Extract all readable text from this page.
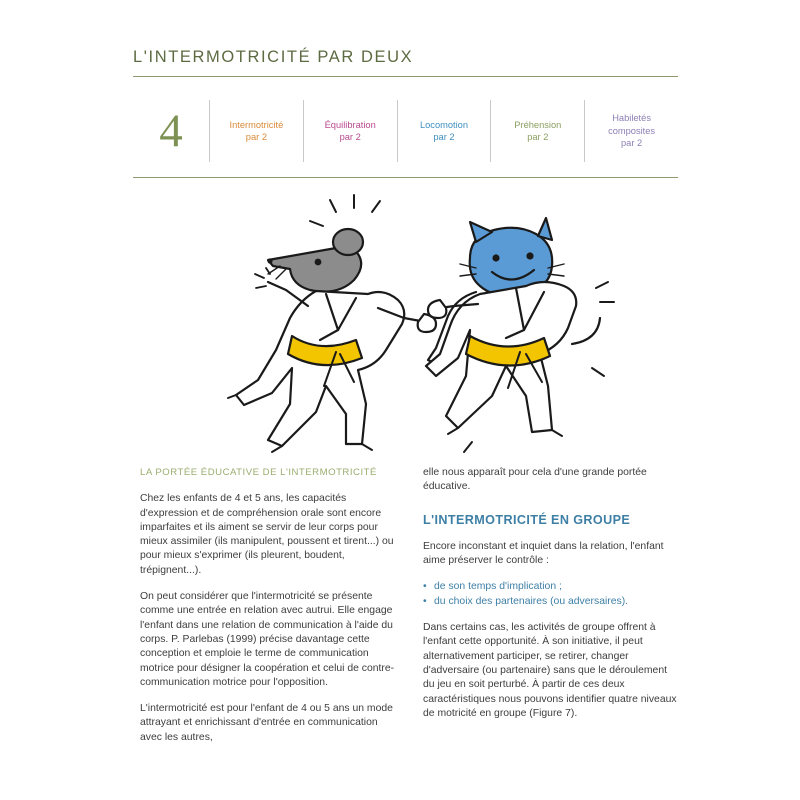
L'INTERMOTRICITÉ PAR DEUX
4	Intermotricité
par 2
Équilibration
par 2
Locomotion
par 2
Préhension
par 2
Habiletés
composites
par 2

LA PORTÉE ÉDUCATIVE DE L'INTERMOTRICITÉ

Chez les enfants de 4 et 5 ans, les capacités d'expression et de compréhension orale sont encore imparfaites et ils aiment se servir de leur corps pour mieux assimiler (ils manipulent, poussent et tirent...) ou pour mieux s'exprimer (ils pleurent, boudent, trépignent...).

On peut considérer que l'intermotricité se présente comme une entrée en relation avec autrui. Elle engage l'enfant dans une relation de communication à l'aide du corps. P. Parlebas (1999) précise davantage cette conception et emploie le terme de communication motrice pour désigner la coopération et celui de contre-communication motrice pour l'opposition.

L'intermotricité est pour l'enfant de 4 ou 5 ans un mode attrayant et enrichissant d'entrée en communication avec les autres,

elle nous apparaît pour cela d'une grande portée éducative.

L'INTERMOTRICITÉ EN GROUPE

Encore inconstant et inquiet dans la relation, l'enfant aime préserver le contrôle :

• de son temps d'implication ;
• du choix des partenaires (ou adversaires).

Dans certains cas, les activités de groupe offrent à l'enfant cette opportunité. À son initiative, il peut alternativement participer, se retirer, changer d'adversaire (ou partenaire) sans que le déroulement du jeu en soit perturbé. À partir de ces deux caractéristiques nous pouvons identifier quatre niveaux de motricité en groupe (Figure 7).
